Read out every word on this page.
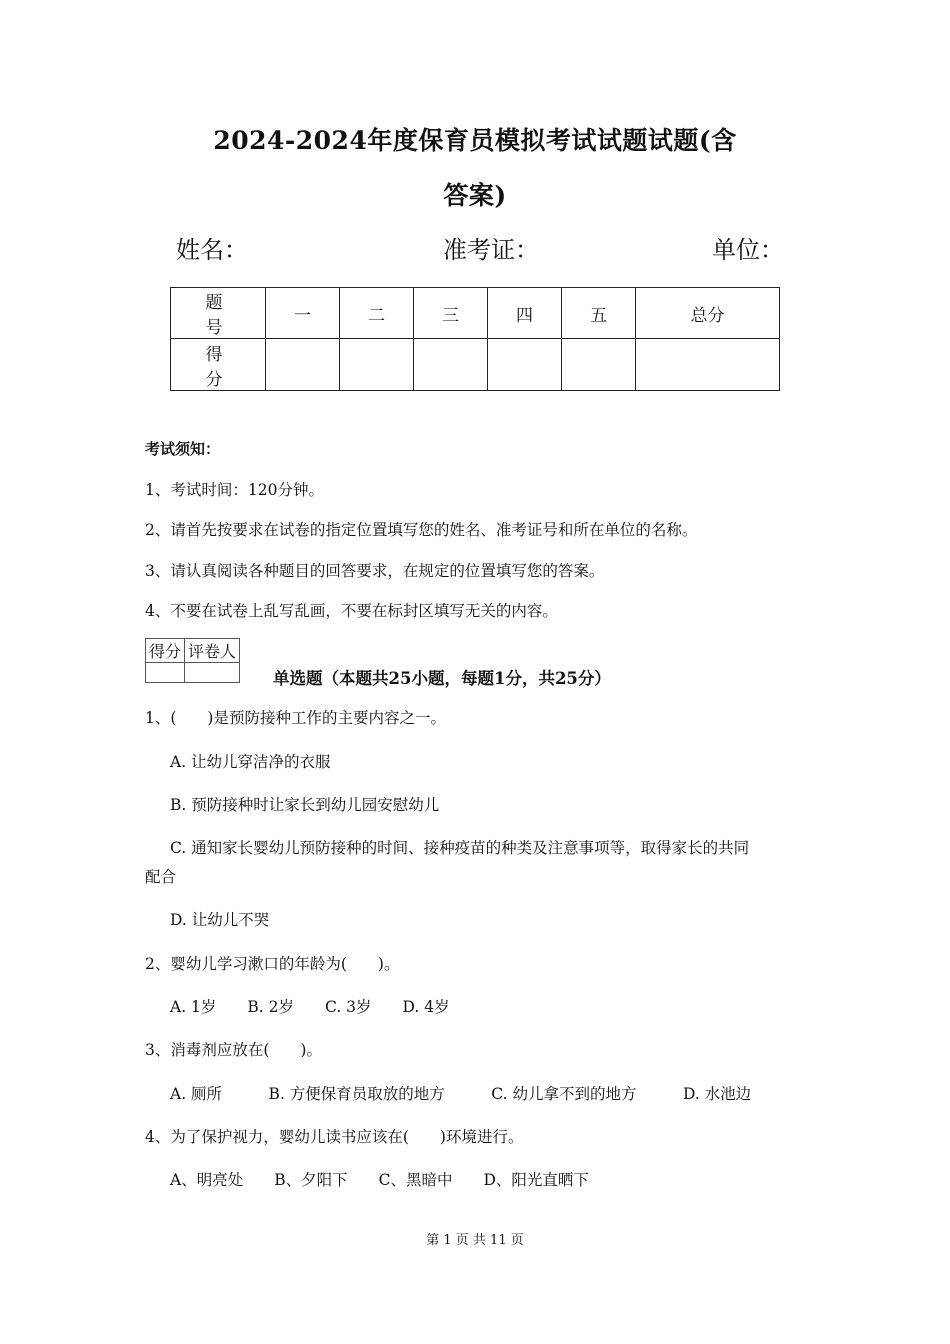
2024-2024年度保育员模拟考试试题试题(含
答案)
姓名：	准考证：	单位：
题　号	一	二	三	四	五	总分
得　分						
考试须知：
1、考试时间：120分钟。
2、请首先按要求在试卷的指定位置填写您的姓名、准考证号和所在单位的名称。
3、请认真阅读各种题目的回答要求，在规定的位置填写您的答案。
4、不要在试卷上乱写乱画，不要在标封区填写无关的内容。
得分	评卷人

单选题（本题共25小题，每题1分，共25分）
1、(　　)是预防接种工作的主要内容之一。
A. 让幼儿穿洁净的衣服
B. 预防接种时让家长到幼儿园安慰幼儿
C. 通知家长婴幼儿预防接种的时间、接种疫苗的种类及注意事项等，取得家长的共同
配合
D. 让幼儿不哭
2、婴幼儿学习漱口的年龄为(　　)。
A. 1岁　　B. 2岁　　C. 3岁　　D. 4岁
3、消毒剂应放在(　　)。
A. 厕所　　　B. 方便保育员取放的地方　　　C. 幼儿拿不到的地方　　　D. 水池边
4、为了保护视力，婴幼儿读书应该在(　　)环境进行。
A、明亮处　　B、夕阳下　　C、黑暗中　　D、阳光直晒下
第 1 页 共 11 页
